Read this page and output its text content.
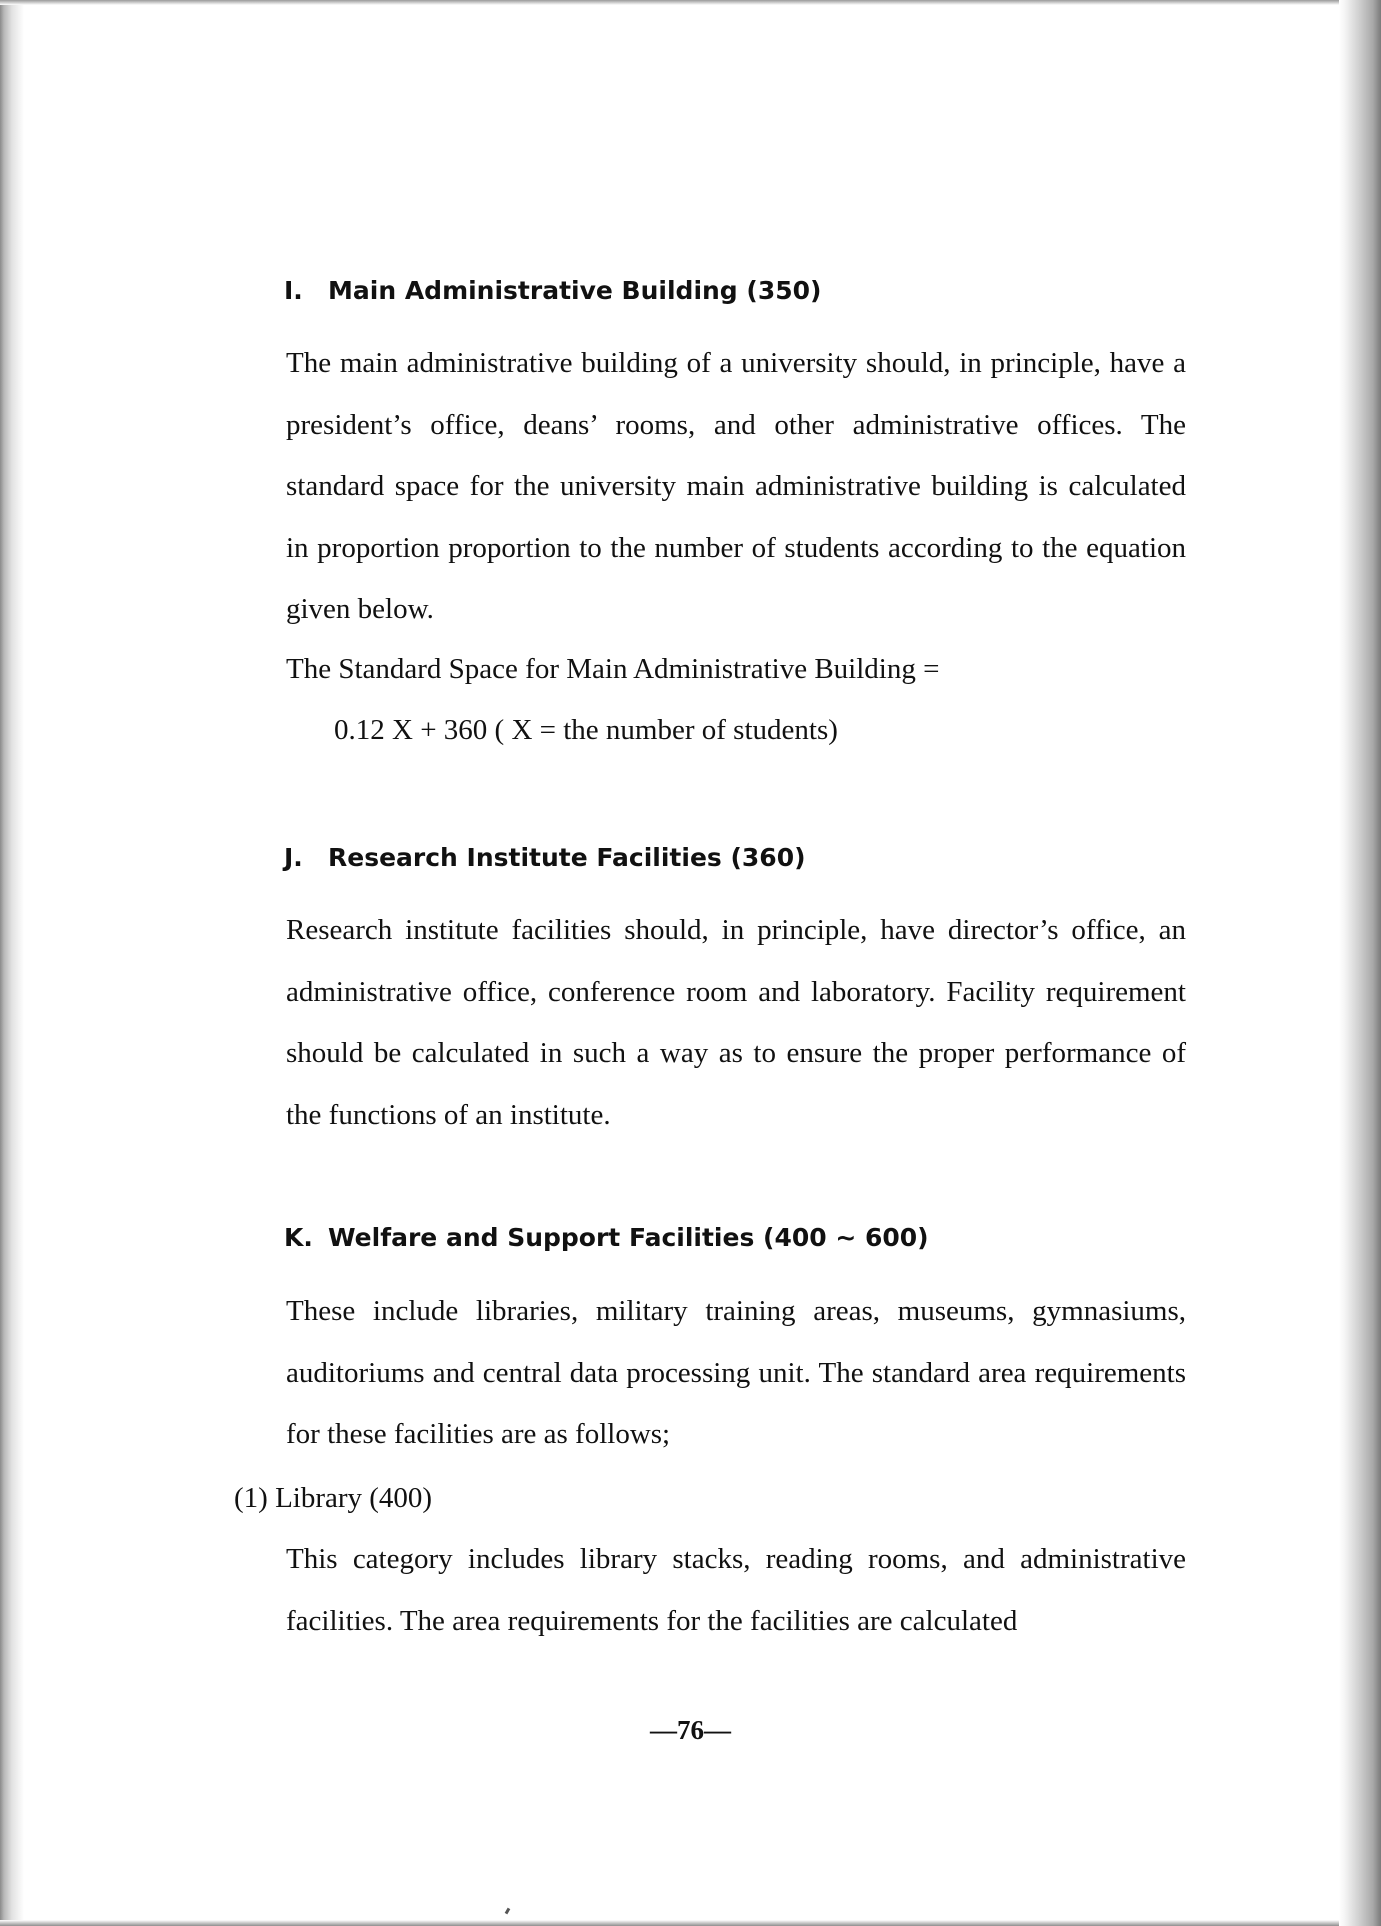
I. Main Administrative Building (350)

The main administrative building of a university should, in principle, have a president’s office, deans’ rooms, and other administrative offices. The standard space for the university main administrative building is calculated in proportion proportion to the number of students according to the equation given below.

The Standard Space for Main Administrative Building =

0.12 X + 360 ( X = the number of students)

J. Research Institute Facilities (360)

Research institute facilities should, in principle, have director’s office, an administrative office, conference room and laboratory. Facility requirement should be calculated in such a way as to ensure the proper performance of the functions of an institute.

K. Welfare and Support Facilities (400 ~ 600)

These include libraries, military training areas, museums, gymnasiums, auditoriums and central data processing unit. The standard area requirements for these facilities are as follows;

(1) Library (400)

This category includes library stacks, reading rooms, and administrative facilities. The area requirements for the facilities are calculated

—76—
